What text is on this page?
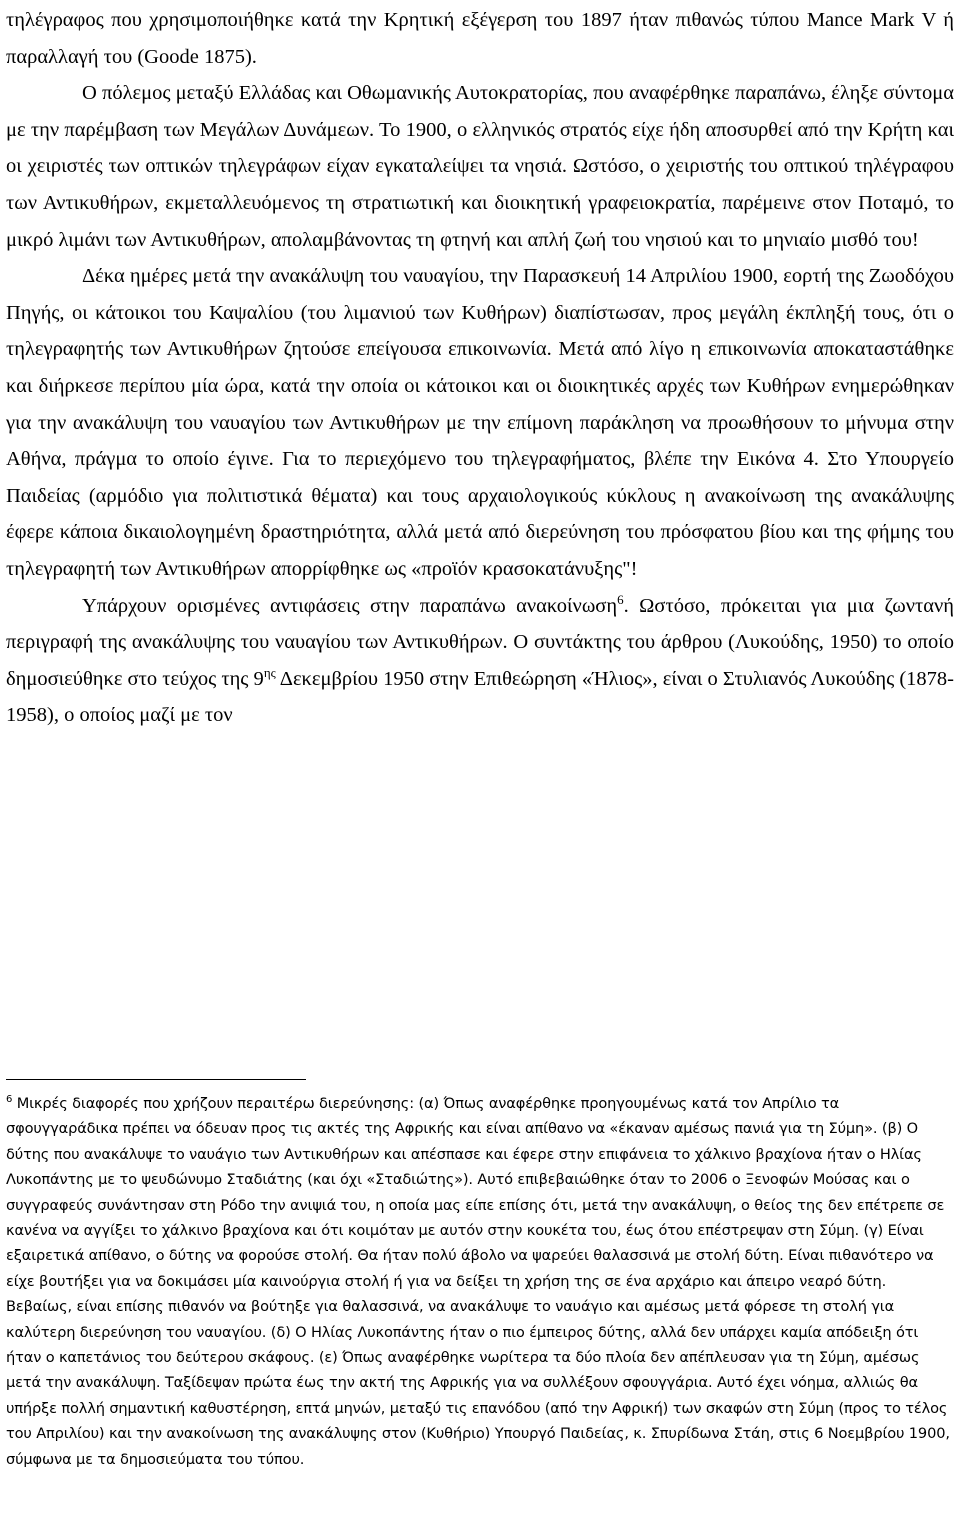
τηλέγραφος που χρησιμοποιήθηκε κατά την Κρητική εξέγερση του 1897 ήταν πιθανώς τύπου Mance Mark V ή παραλλαγή του (Goode 1875).

Ο πόλεμος μεταξύ Ελλάδας και Οθωμανικής Αυτοκρατορίας, που αναφέρθηκε παραπάνω, έληξε σύντομα με την παρέμβαση των Μεγάλων Δυνάμεων. Το 1900, ο ελληνικός στρατός είχε ήδη αποσυρθεί από την Κρήτη και οι χειριστές των οπτικών τηλεγράφων είχαν εγκαταλείψει τα νησιά. Ωστόσο, ο χειριστής του οπτικού τηλέγραφου των Αντικυθήρων, εκμεταλλευόμενος τη στρατιωτική και διοικητική γραφειοκρατία, παρέμεινε στον Ποταμό, το μικρό λιμάνι των Αντικυθήρων, απολαμβάνοντας τη φτηνή και απλή ζωή του νησιού και το μηνιαίο μισθό του!

Δέκα ημέρες μετά την ανακάλυψη του ναυαγίου, την Παρασκευή 14 Απριλίου 1900, εορτή της Ζωοδόχου Πηγής, οι κάτοικοι του Καψαλίου (του λιμανιού των Κυθήρων) διαπίστωσαν, προς μεγάλη έκπληξή τους, ότι ο τηλεγραφητής των Αντικυθήρων ζητούσε επείγουσα επικοινωνία. Μετά από λίγο η επικοινωνία αποκαταστάθηκε και διήρκεσε περίπου μία ώρα, κατά την οποία οι κάτοικοι και οι διοικητικές αρχές των Κυθήρων ενημερώθηκαν για την ανακάλυψη του ναυαγίου των Αντικυθήρων με την επίμονη παράκληση να προωθήσουν το μήνυμα στην Αθήνα, πράγμα το οποίο έγινε. Για το περιεχόμενο του τηλεγραφήματος, βλέπε την Εικόνα 4. Στο Υπουργείο Παιδείας (αρμόδιο για πολιτιστικά θέματα) και τους αρχαιολογικούς κύκλους η ανακοίνωση της ανακάλυψης έφερε κάποια δικαιολογημένη δραστηριότητα, αλλά μετά από διερεύνηση του πρόσφατου βίου και της φήμης του τηλεγραφητή των Αντικυθήρων απορρίφθηκε ως «προϊόν κρασοκατάνυξης"!

Υπάρχουν ορισμένες αντιφάσεις στην παραπάνω ανακοίνωση$^6$. Ωστόσο, πρόκειται για μια ζωντανή περιγραφή της ανακάλυψης του ναυαγίου των Αντικυθήρων. Ο συντάκτης του άρθρου (Λυκούδης, 1950) το οποίο δημοσιεύθηκε στο τεύχος της $9^{\eta\varsigma}$ Δεκεμβρίου 1950 στην Επιθεώρηση «Ήλιος», είναι ο Στυλιανός Λυκούδης (1878-1958), ο οποίος μαζί με τον

$^6$ Μικρές διαφορές που χρήζουν περαιτέρω διερεύνησης: (α) Όπως αναφέρθηκε προηγουμένως κατά τον Απρίλιο τα σφουγγαράδικα πρέπει να όδευαν προς τις ακτές της Αφρικής και είναι απίθανο να «έκαναν αμέσως πανιά για τη Σύμη». (β) Ο δύτης που ανακάλυψε το ναυάγιο των Αντικυθήρων και απέσπασε και έφερε στην επιφάνεια το χάλκινο βραχίονα ήταν ο Ηλίας Λυκοπάντης με το ψευδώνυμο Σταδιάτης (και όχι «Σταδιώτης»). Αυτό επιβεβαιώθηκε όταν το 2006 ο Ξενοφών Μούσας και ο συγγραφεύς συνάντησαν στη Ρόδο την ανιψιά του, η οποία μας είπε επίσης ότι, μετά την ανακάλυψη, ο θείος της δεν επέτρεπε σε κανένα να αγγίξει το χάλκινο βραχίονα και ότι κοιμόταν με αυτόν στην κουκέτα του, έως ότου επέστρεψαν στη Σύμη. (γ) Είναι εξαιρετικά απίθανο, ο δύτης να φορούσε στολή. Θα ήταν πολύ άβολο να ψαρεύει θαλασσινά με στολή δύτη. Είναι πιθανότερο να είχε βουτήξει για να δοκιμάσει μία καινούργια στολή ή για να δείξει τη χρήση της σε ένα αρχάριο και άπειρο νεαρό δύτη. Βεβαίως, είναι επίσης πιθανόν να βούτηξε για θαλασσινά, να ανακάλυψε το ναυάγιο και αμέσως μετά φόρεσε τη στολή για καλύτερη διερεύνηση του ναυαγίου. (δ) Ο Ηλίας Λυκοπάντης ήταν ο πιο έμπειρος δύτης, αλλά δεν υπάρχει καμία απόδειξη ότι ήταν ο καπετάνιος του δεύτερου σκάφους. (ε) Όπως αναφέρθηκε νωρίτερα τα δύο πλοία δεν απέπλευσαν για τη Σύμη, αμέσως μετά την ανακάλυψη. Ταξίδεψαν πρώτα έως την ακτή της Αφρικής για να συλλέξουν σφουγγάρια. Αυτό έχει νόημα, αλλιώς θα υπήρξε πολλή σημαντική καθυστέρηση, επτά μηνών, μεταξύ τις επανόδου (από την Αφρική) των σκαφών στη Σύμη (προς το τέλος του Απριλίου) και την ανακοίνωση της ανακάλυψης στον (Κυθήριο) Υπουργό Παιδείας, κ. Σπυρίδωνα Στάη, στις 6 Νοεμβρίου 1900, σύμφωνα με τα δημοσιεύματα του τύπου.
